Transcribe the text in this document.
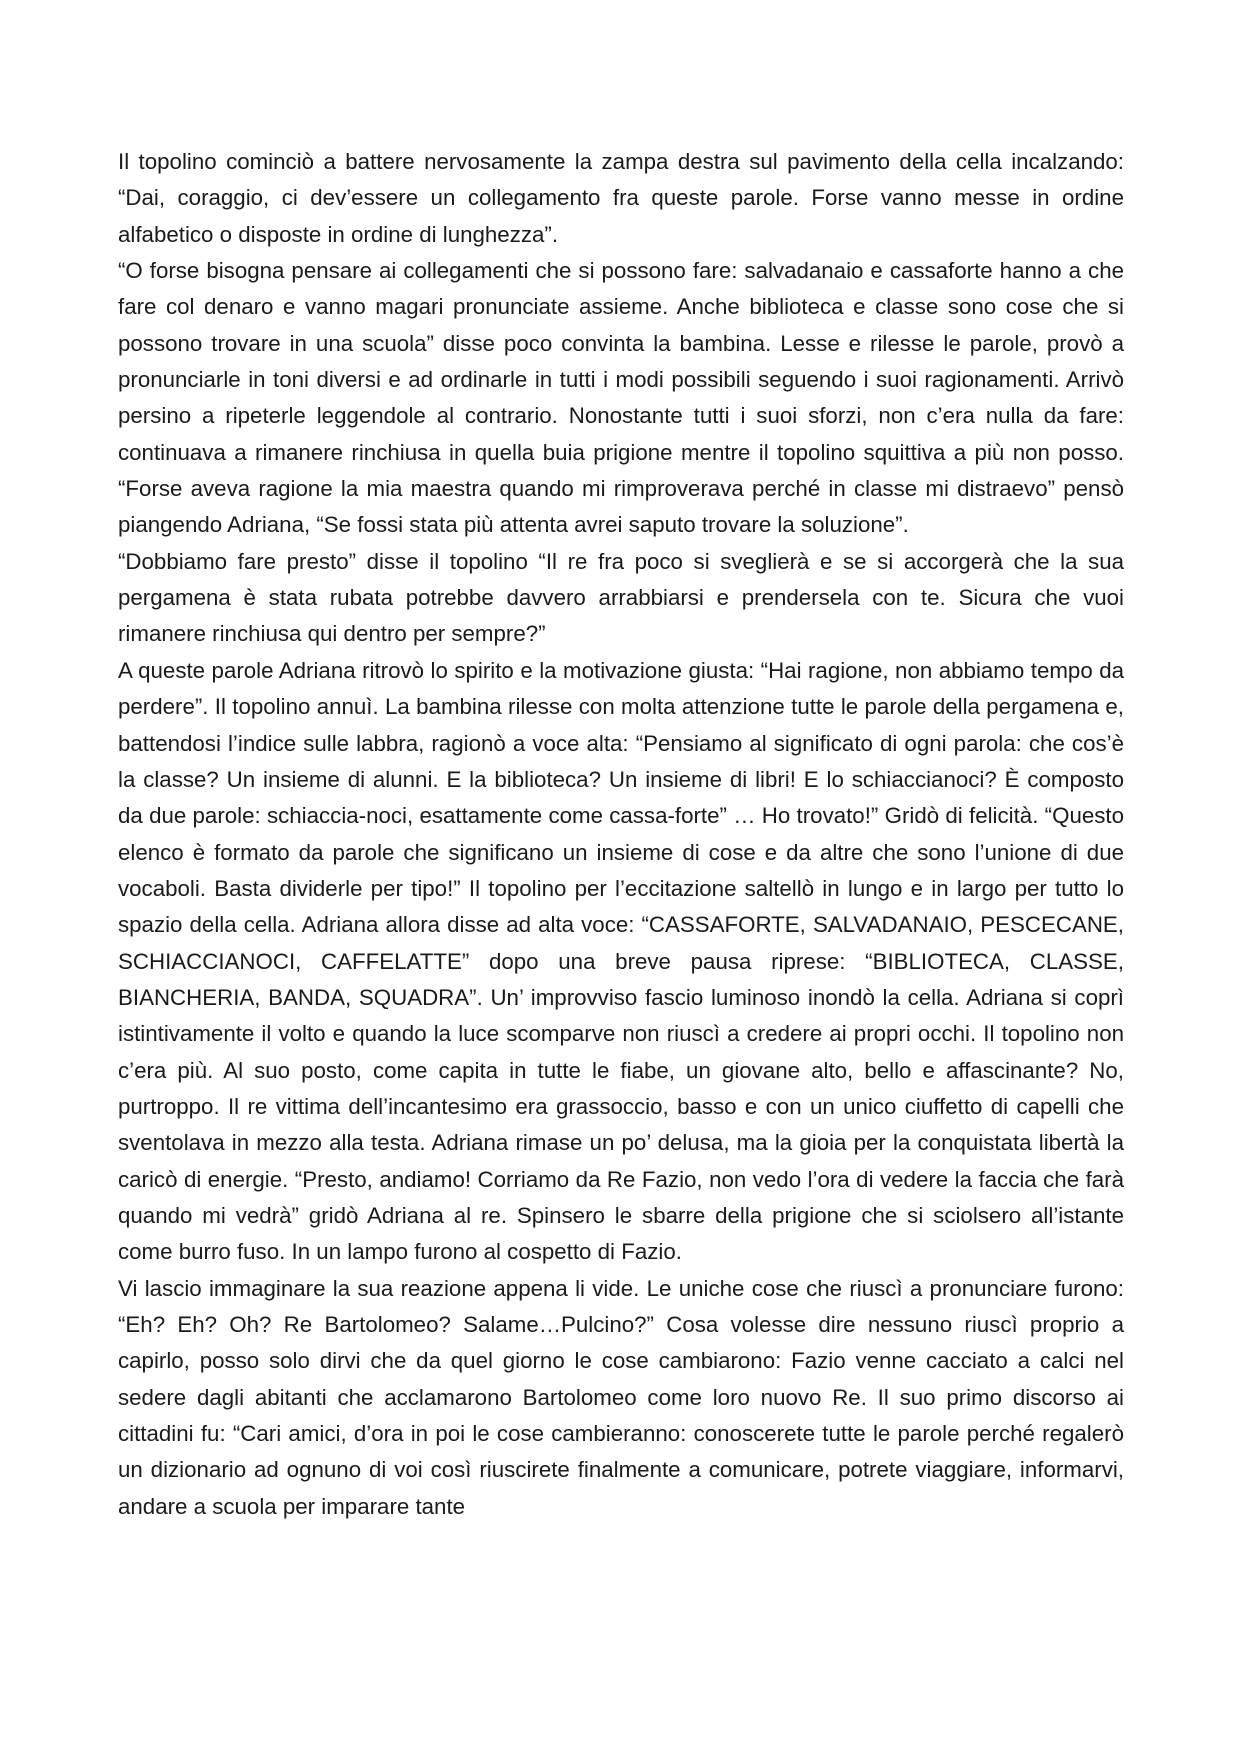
Il topolino cominciò a battere nervosamente la zampa destra sul pavimento della cella incalzando: “Dai, coraggio, ci dev’essere un collegamento fra queste parole. Forse vanno messe in ordine alfabetico o disposte in ordine di lunghezza”.

“O forse bisogna pensare ai collegamenti che si possono fare: salvadanaio e cassaforte hanno a che fare col denaro e vanno magari pronunciate assieme. Anche biblioteca e classe sono cose che si possono trovare in una scuola” disse poco convinta la bambina. Lesse e rilesse le parole, provò a pronunciarle in toni diversi e ad ordinarle in tutti i modi possibili seguendo i suoi ragionamenti. Arrivò persino a ripeterle leggendole al contrario. Nonostante tutti i suoi sforzi, non c’era nulla da fare: continuava a rimanere rinchiusa in quella buia prigione mentre il topolino squittiva a più non posso. “Forse aveva ragione la mia maestra quando mi rimproverava perché in classe mi distraevo” pensò piangendo Adriana, “Se fossi stata più attenta avrei saputo trovare la soluzione”.

“Dobbiamo fare presto” disse il topolino “Il re fra poco si sveglierà e se si accorgerà che la sua pergamena è stata rubata potrebbe davvero arrabbiarsi e prendersela con te. Sicura che vuoi rimanere rinchiusa qui dentro per sempre?”

A queste parole Adriana ritrovò lo spirito e la motivazione giusta: “Hai ragione, non abbiamo tempo da perdere”. Il topolino annuì. La bambina rilesse con molta attenzione tutte le parole della pergamena e, battendosi l’indice sulle labbra, ragionò a voce alta: “Pensiamo al significato di ogni parola: che cos’è la classe? Un insieme di alunni. E la biblioteca? Un insieme di libri! E lo schiaccianoci? È composto da due parole: schiaccia-noci, esattamente come cassa-forte” … Ho trovato!” Gridò di felicità. “Questo elenco è formato da parole che significano un insieme di cose e da altre che sono l’unione di due vocaboli. Basta dividerle per tipo!” Il topolino per l’eccitazione saltellò in lungo e in largo per tutto lo spazio della cella. Adriana allora disse ad alta voce: “CASSAFORTE, SALVADANAIO, PESCECANE, SCHIACCIANOCI, CAFFELATTE” dopo una breve pausa riprese: “BIBLIOTECA, CLASSE, BIANCHERIA, BANDA, SQUADRA”. Un’ improvviso fascio luminoso inondò la cella. Adriana si coprì istintivamente il volto e quando la luce scomparve non riuscì a credere ai propri occhi. Il topolino non c’era più. Al suo posto, come capita in tutte le fiabe, un giovane alto, bello e affascinante? No, purtroppo. Il re vittima dell’incantesimo era grassoccio, basso e con un unico ciuffetto di capelli che sventolava in mezzo alla testa. Adriana rimase un po’ delusa, ma la gioia per la conquistata libertà la caricò di energie. “Presto, andiamo! Corriamo da Re Fazio, non vedo l’ora di vedere la faccia che farà quando mi vedrà” gridò Adriana al re. Spinsero le sbarre della prigione che si sciolsero all’istante come burro fuso. In un lampo furono al cospetto di Fazio.

Vi lascio immaginare la sua reazione appena li vide. Le uniche cose che riuscì a pronunciare furono: “Eh? Eh? Oh? Re Bartolomeo? Salame…Pulcino?” Cosa volesse dire nessuno riuscì proprio a capirlo, posso solo dirvi che da quel giorno le cose cambiarono: Fazio venne cacciato a calci nel sedere dagli abitanti che acclamarono Bartolomeo come loro nuovo Re. Il suo primo discorso ai cittadini fu: “Cari amici, d’ora in poi le cose cambieranno: conoscerete tutte le parole perché regalerò un dizionario ad ognuno di voi così riuscirete finalmente a comunicare, potrete viaggiare, informarvi, andare a scuola per imparare tante
